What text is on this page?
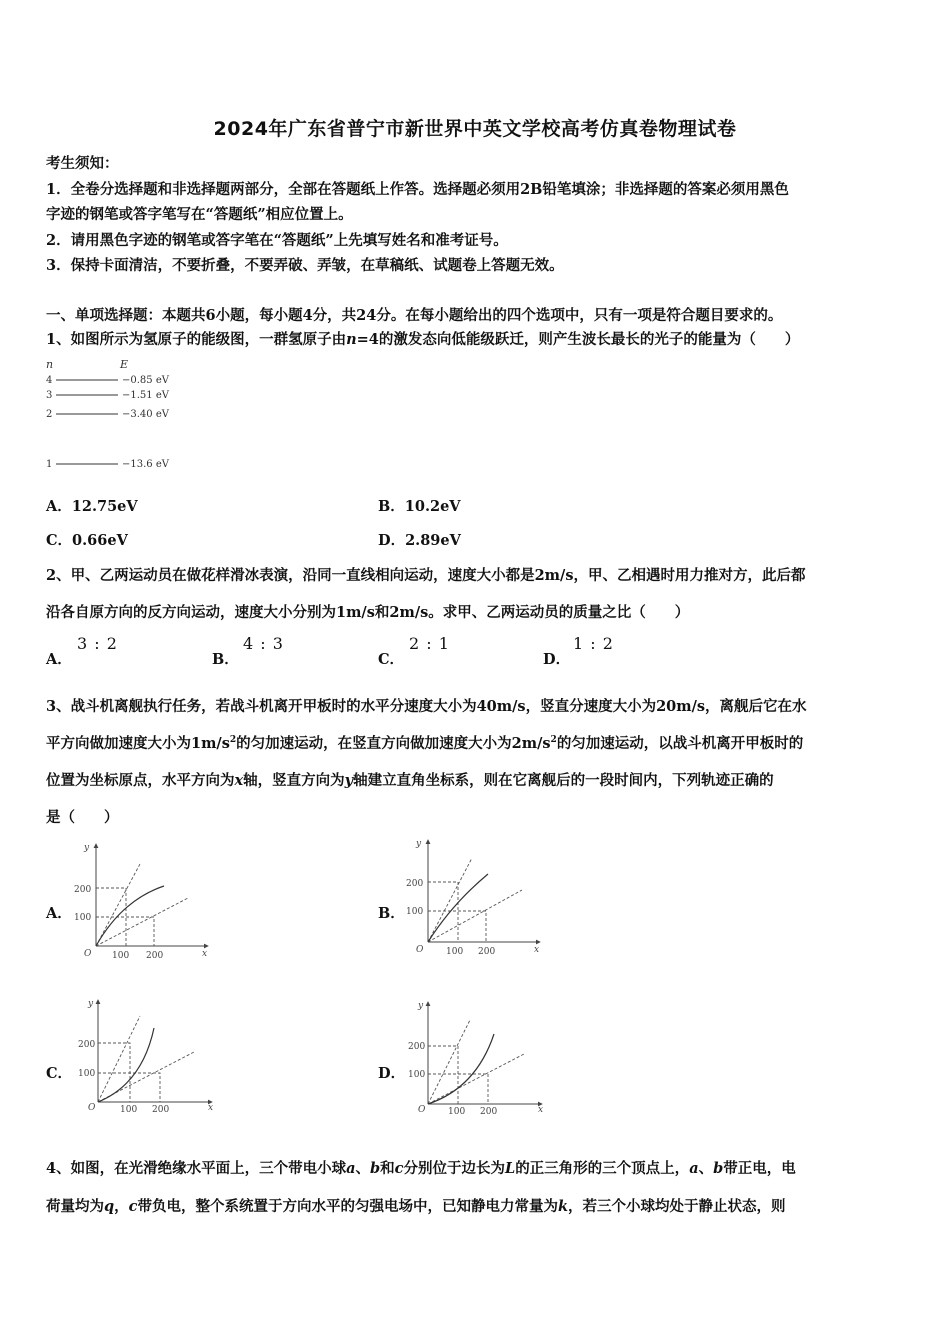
2024年广东省普宁市新世界中英文学校高考仿真卷物理试卷
考生须知：
1．全卷分选择题和非选择题两部分，全部在答题纸上作答。选择题必须用2B铅笔填涂；非选择题的答案必须用黑色
字迹的钢笔或答字笔写在“答题纸”相应位置上。
2．请用黑色字迹的钢笔或答字笔在“答题纸”上先填写姓名和准考证号。
3．保持卡面清洁，不要折叠，不要弄破、弄皱，在草稿纸、试题卷上答题无效。
一、单项选择题：本题共6小题，每小题4分，共24分。在每小题给出的四个选项中，只有一项是符合题目要求的。
1、如图所示为氢原子的能级图，一群氢原子由n=4的激发态向低能级跃迁，则产生波长最长的光子的能量为（　　）
n	E
4	−0.85 eV
3	−1.51 eV
2	−3.40 eV
1	−13.6 eV
A．12.75eV	B．10.2eV
C．0.66eV	D．2.89eV
2、甲、乙两运动员在做花样滑冰表演，沿同一直线相向运动，速度大小都是2m/s，甲、乙相遇时用力推对方，此后都
沿各自原方向的反方向运动，速度大小分别为1m/s和2m/s。求甲、乙两运动员的质量之比（　　）
A．
3 : 2
B．
4 : 3
C．
2 : 1
D．
1 : 2
3、战斗机离舰执行任务，若战斗机离开甲板时的水平分速度大小为40m/s，竖直分速度大小为20m/s，离舰后它在水
平方向做加速度大小为$1m/s^2$的匀加速运动，在竖直方向做加速度大小为$2m/s^2$的匀加速运动，以战斗机离开甲板时的
位置为坐标原点，水平方向为x轴，竖直方向为y轴建立直角坐标系，则在它离舰后的一段时间内，下列轨迹正确的
是（　　）
A．
y
x
O
200
100
100 200
B．
y
x
O
200
100
100 200
C．
y
x
O
200
100
100 200
D．
y
x
O
200
100
100 200
4、如图，在光滑绝缘水平面上，三个带电小球a、b和c分别位于边长为L的正三角形的三个顶点上，a、b带正电，电
荷量均为q，c带负电，整个系统置于方向水平的匀强电场中，已知静电力常量为k，若三个小球均处于静止状态，则
